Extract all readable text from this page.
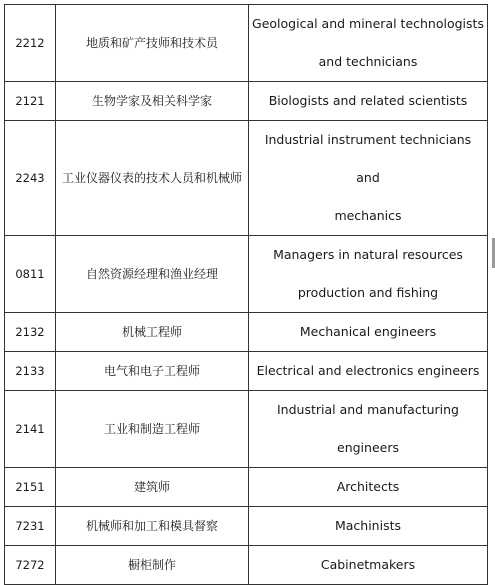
2212	地质和矿产技师和技术员	Geological and mineral technologists
and technicians

2121	生物学家及相关科学家	Biologists and related scientists

2243	工业仪器仪表的技术人员和机械师	Industrial instrument technicians and
mechanics

0811	自然资源经理和渔业经理	Managers in natural resources
production and fishing

2132	机械工程师	Mechanical engineers

2133	电气和电子工程师	Electrical and electronics engineers

2141	工业和制造工程师	Industrial and manufacturing engineers

2151	建筑师	Architects

7231	机械师和加工和模具督察	Machinists

7272	橱柜制作	Cabinetmakers
